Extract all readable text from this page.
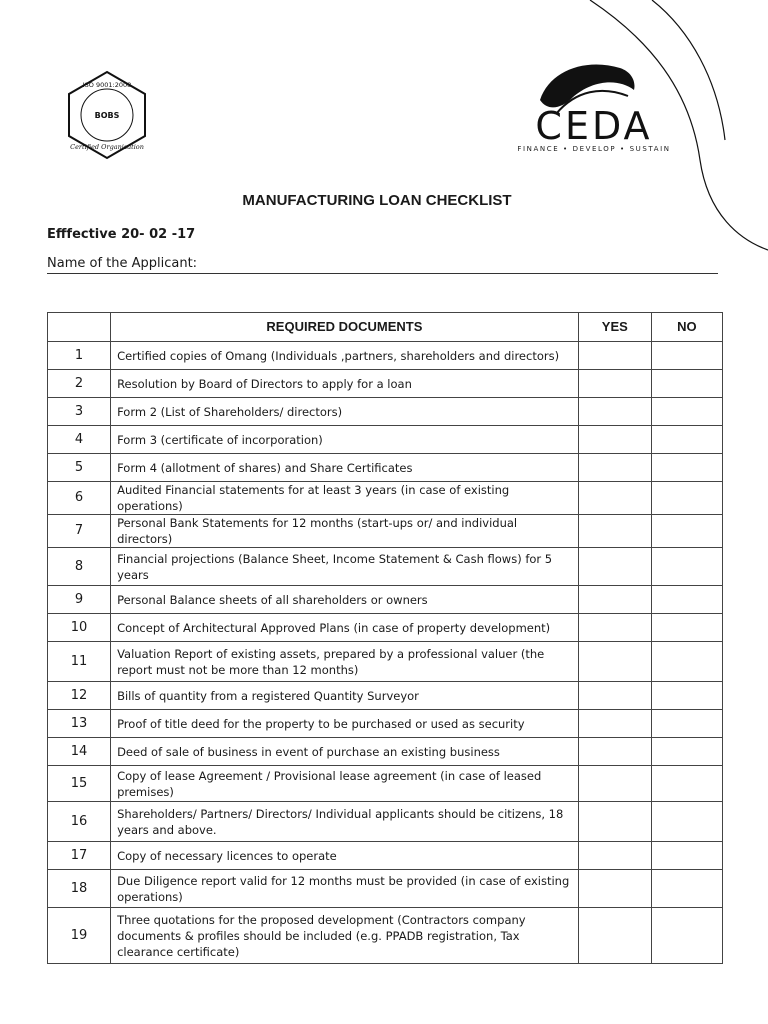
ISO 9001:2008
BOBS
Certified Organisation	CEDA
FINANCE • DEVELOP • SUSTAIN
MANUFACTURING LOAN CHECKLIST
Efffective 20- 02 -17
Name of the Applicant:
	REQUIRED DOCUMENTS	YES	NO
1	Certified copies of Omang (Individuals ,partners, shareholders and directors)		
2	Resolution by Board of Directors to apply for a loan		
3	Form 2 (List of Shareholders/ directors)		
4	Form 3 (certificate of incorporation)		
5	Form 4 (allotment of shares) and Share Certificates		
6	Audited Financial statements for at least 3 years (in case of existing operations)		
7	Personal Bank Statements for 12 months (start-ups or/ and individual directors)		
8	Financial projections (Balance Sheet, Income Statement & Cash flows) for 5 years		
9	Personal Balance sheets of all shareholders or owners		
10	Concept of Architectural Approved Plans (in case of property development)		
11	Valuation Report of existing assets, prepared by a professional valuer (the report must not be more than 12 months)		
12	Bills of quantity from a registered Quantity Surveyor		
13	Proof of title deed for the property to be purchased or used as security		
14	Deed of sale of business in event of purchase an existing business		
15	Copy of lease Agreement / Provisional lease agreement (in case of leased premises)		
16	Shareholders/ Partners/ Directors/ Individual applicants should be citizens, 18 years and above.		
17	Copy of necessary licences to operate		
18	Due Diligence report valid for 12 months must be provided (in case of existing operations)		
19	Three quotations for the proposed development (Contractors company documents & profiles should be included (e.g. PPADB registration, Tax clearance certificate)		
